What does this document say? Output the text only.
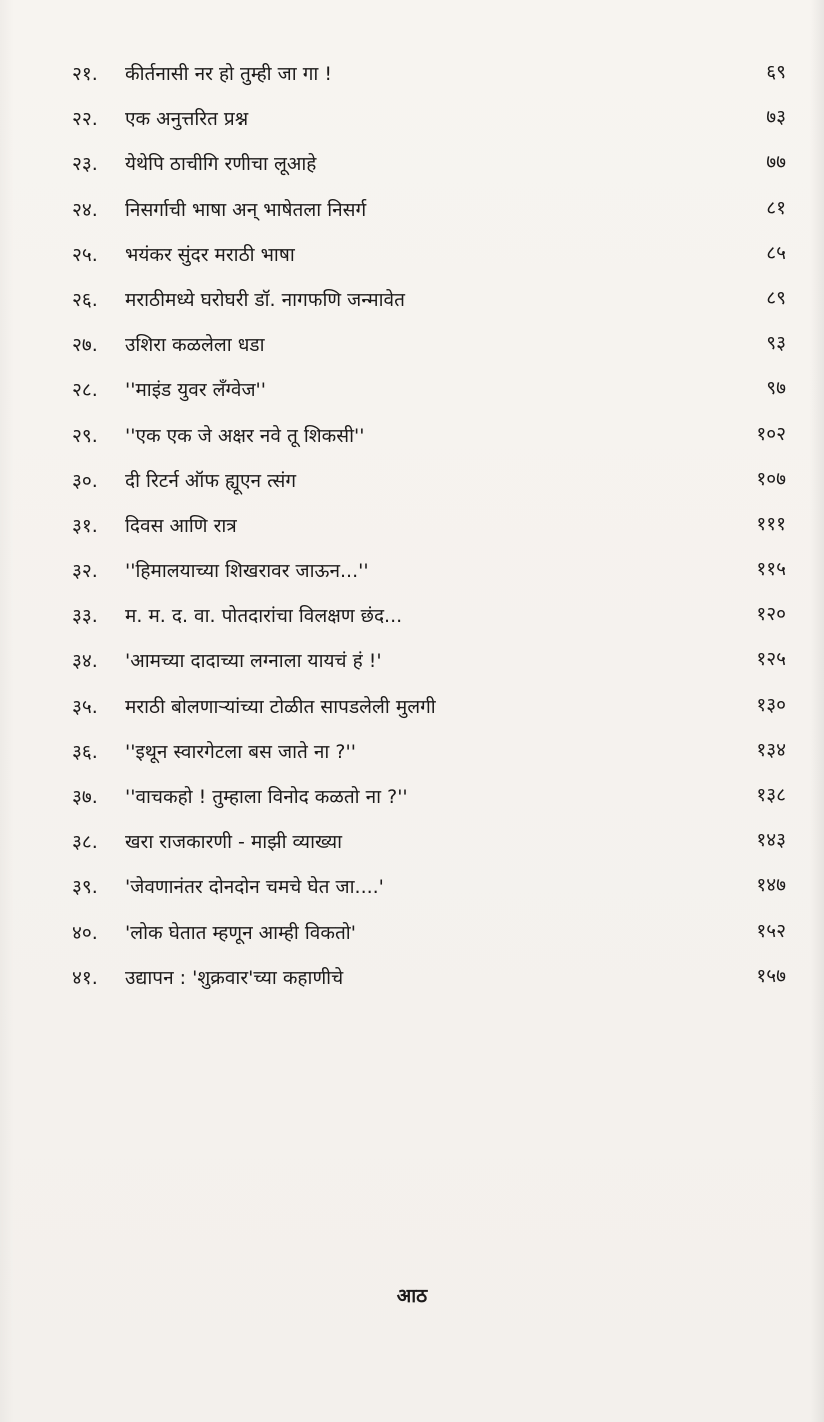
२१.	कीर्तनासी नर हो तुम्ही जा गा !	६९
२२.	एक अनुत्तरित प्रश्न	७३
२३.	येथेपि ठाचीगि रणीचा लूआहे	७७
२४.	निसर्गाची भाषा अन् भाषेतला निसर्ग	८१
२५.	भयंकर सुंदर मराठी भाषा	८५
२६.	मराठीमध्ये घरोघरी डॉ. नागफणि जन्मावेत	८९
२७.	उशिरा कळलेला धडा	९३
२८.	''माइंड युवर लँग्वेज''	९७
२९.	''एक एक जे अक्षर नवे तू शिकसी''	१०२
३०.	दी रिटर्न ऑफ ह्यूएन त्संग	१०७
३१.	दिवस आणि रात्र	१११
३२.	''हिमालयाच्या शिखरावर जाऊन...''	११५
३३.	म. म. द. वा. पोतदारांचा विलक्षण छंद...	१२०
३४.	'आमच्या दादाच्या लग्नाला यायचं हं !'	१२५
३५.	मराठी बोलणाऱ्यांच्या टोळीत सापडलेली मुलगी	१३०
३६.	''इथून स्वारगेटला बस जाते ना ?''	१३४
३७.	''वाचकहो ! तुम्हाला विनोद कळतो ना ?''	१३८
३८.	खरा राजकारणी - माझी व्याख्या	१४३
३९.	'जेवणानंतर दोनदोन चमचे घेत जा....'	१४७
४०.	'लोक घेतात म्हणून आम्ही विकतो'	१५२
४१.	उद्यापन : 'शुक्रवार'च्या कहाणीचे	१५७
आठ
